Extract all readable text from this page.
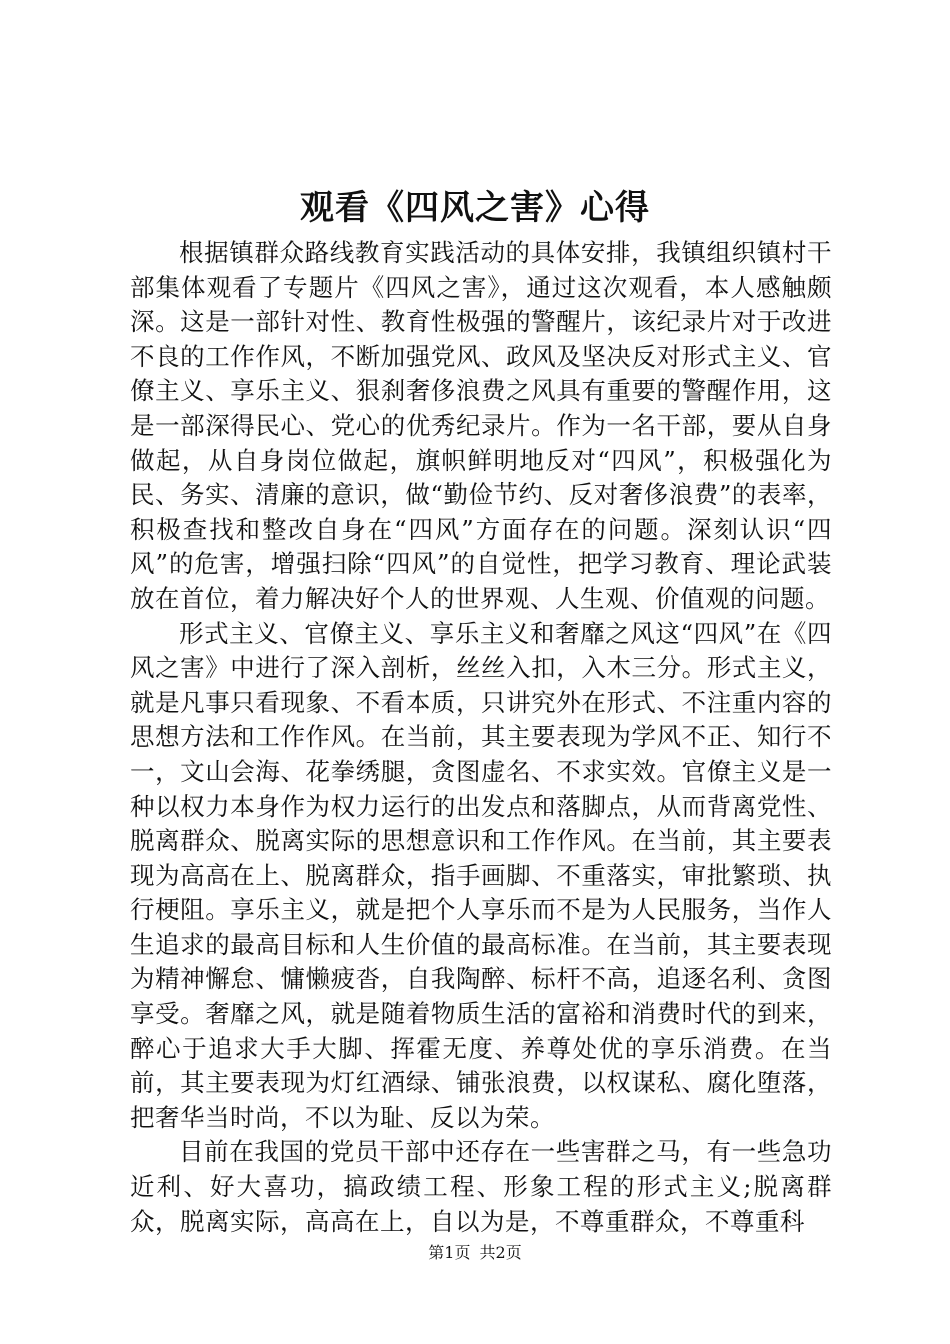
观看《四风之害》心得

根据镇群众路线教育实践活动的具体安排，我镇组织镇村干部集体观看了专题片《四风之害》，通过这次观看，本人感触颇深。这是一部针对性、教育性极强的警醒片，该纪录片对于改进不良的工作作风，不断加强党风、政风及坚决反对形式主义、官僚主义、享乐主义、狠刹奢侈浪费之风具有重要的警醒作用，这是一部深得民心、党心的优秀纪录片。作为一名干部，要从自身做起，从自身岗位做起，旗帜鲜明地反对“四风”，积极强化为民、务实、清廉的意识，做“勤俭节约、反对奢侈浪费”的表率，积极查找和整改自身在“四风”方面存在的问题。深刻认识“四风”的危害，增强扫除“四风”的自觉性，把学习教育、理论武装放在首位，着力解决好个人的世界观、人生观、价值观的问题。

形式主义、官僚主义、享乐主义和奢靡之风这“四风”在《四风之害》中进行了深入剖析，丝丝入扣，入木三分。形式主义，就是凡事只看现象、不看本质，只讲究外在形式、不注重内容的思想方法和工作作风。在当前，其主要表现为学风不正、知行不一，文山会海、花拳绣腿，贪图虚名、不求实效。官僚主义是一种以权力本身作为权力运行的出发点和落脚点，从而背离党性、脱离群众、脱离实际的思想意识和工作作风。在当前，其主要表现为高高在上、脱离群众，指手画脚、不重落实，审批繁琐、执行梗阻。享乐主义，就是把个人享乐而不是为人民服务，当作人生追求的最高目标和人生价值的最高标准。在当前，其主要表现为精神懈怠、慵懒疲沓，自我陶醉、标杆不高，追逐名利、贪图享受。奢靡之风，就是随着物质生活的富裕和消费时代的到来，醉心于追求大手大脚、挥霍无度、养尊处优的享乐消费。在当前，其主要表现为灯红酒绿、铺张浪费，以权谋私、腐化堕落，把奢华当时尚，不以为耻、反以为荣。

目前在我国的党员干部中还存在一些害群之马，有一些急功近利、好大喜功，搞政绩工程、形象工程的形式主义;脱离群众，脱离实际，高高在上，自以为是，不尊重群众，不尊重科

第1页 共2页
